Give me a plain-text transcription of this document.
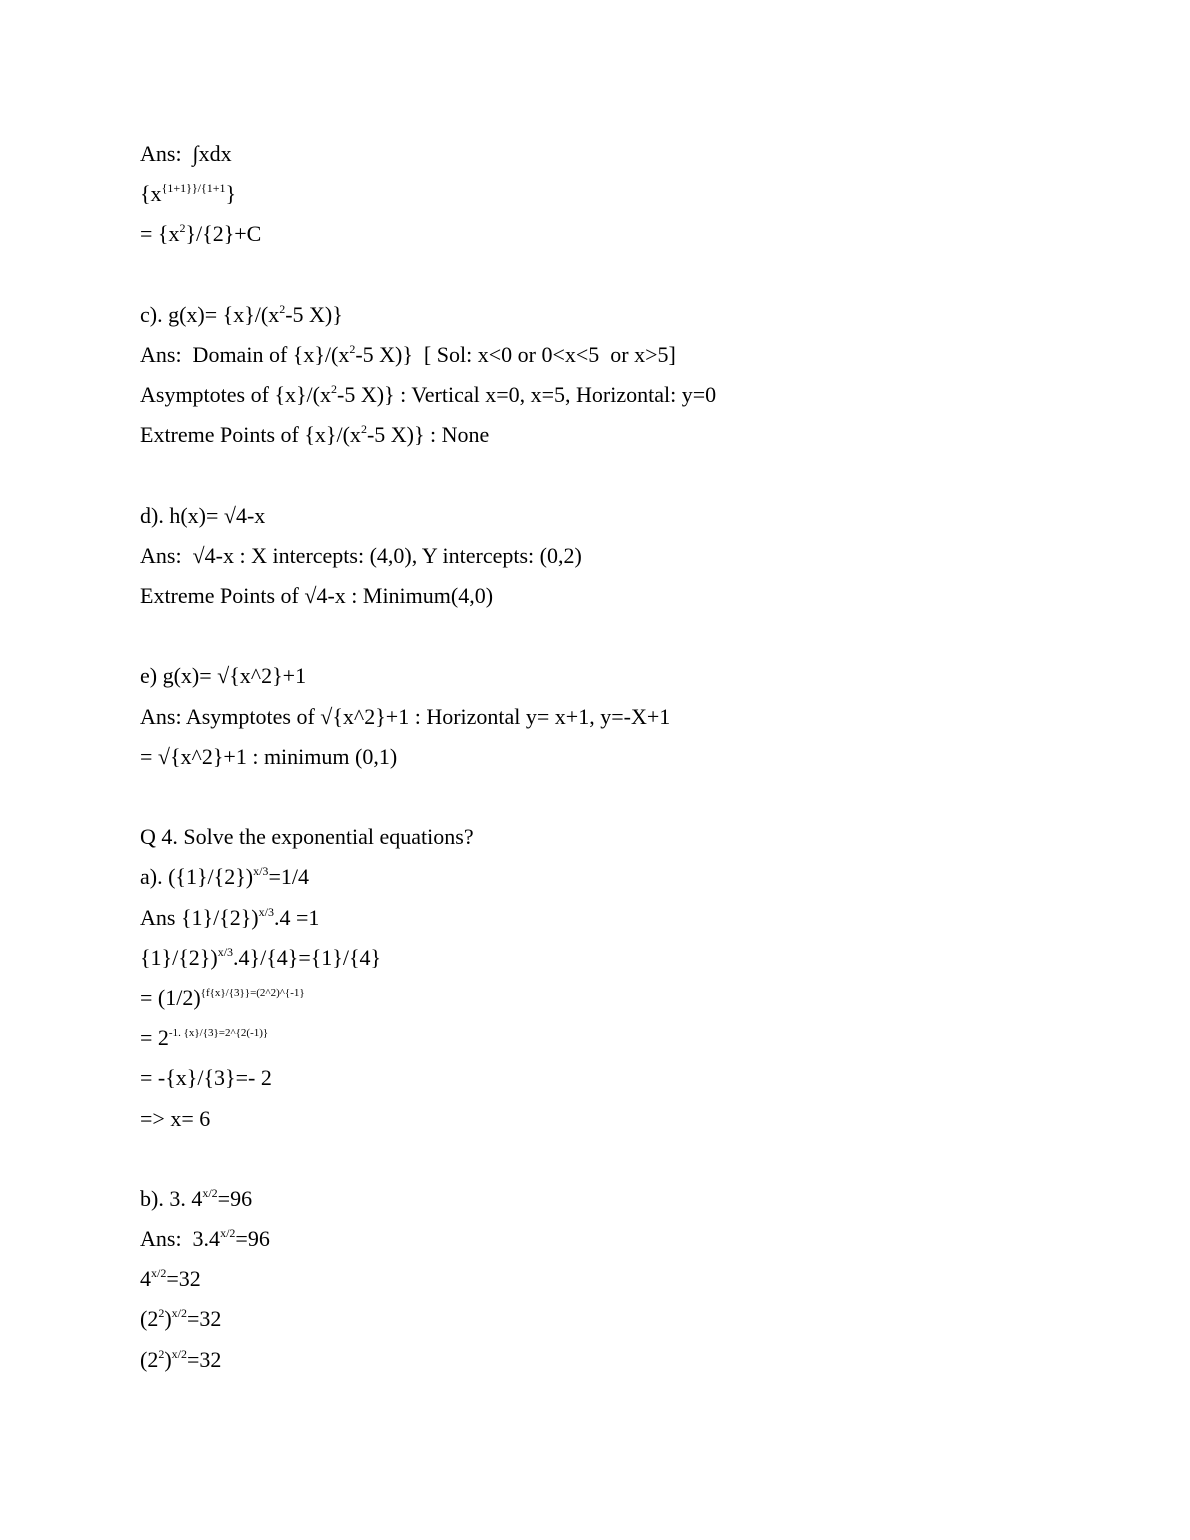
Ans:  ∫xdx
$\{x^{\{1+1\}\}/\{1+1}\}$
= $\{x^2\}/\{2\}+C$
c). $g(x)= \{x\}/(x^2-5$ X)}
Ans:  Domain of $\{x\}/(x^2-5$ X)}  [ Sol: x<0 or 0<x<5  or x>5]
Asymptotes of $\{x\}/(x^2-5$ X)} : Vertical x=0, x=5, Horizontal: y=0
Extreme Points of $\{x\}/(x^2-5$ X)} : None
d). h(x)= √4-x
Ans:  √4-x : X intercepts: (4,0), Y intercepts: (0,2)
Extreme Points of √4-x : Minimum(4,0)
e) g(x)= √{x^2}+1
Ans: Asymptotes of √{x^2}+1 : Horizontal y= x+1, y=-X+1
= √{x^2}+1 : minimum (0,1)
Q 4. Solve the exponential equations?
a). $(\{1\}/\{2\})^{x/3}=1/4$
Ans {1}/{2})$^{x/3}$.4 =1
{1}/{2})$^{x/3}$.4}/{4}={1}/{4}
= $(1/2)^{\{f\{x\}/\{3\}\}=(2\^{}2)\^{}\{-1\}}$
= $2^{-1. \{x\}/\{3\}=2\^{}\{2(-1)\}}$
= -{x}/{3}=- 2
=> x= 6
b). 3. $4^{x/2}=96$
Ans:  $3.4^{x/2}=96$
$4^{x/2}=32$
$(2^2)^{x/2}=32$
$(2^2)^{x/2}=32$
